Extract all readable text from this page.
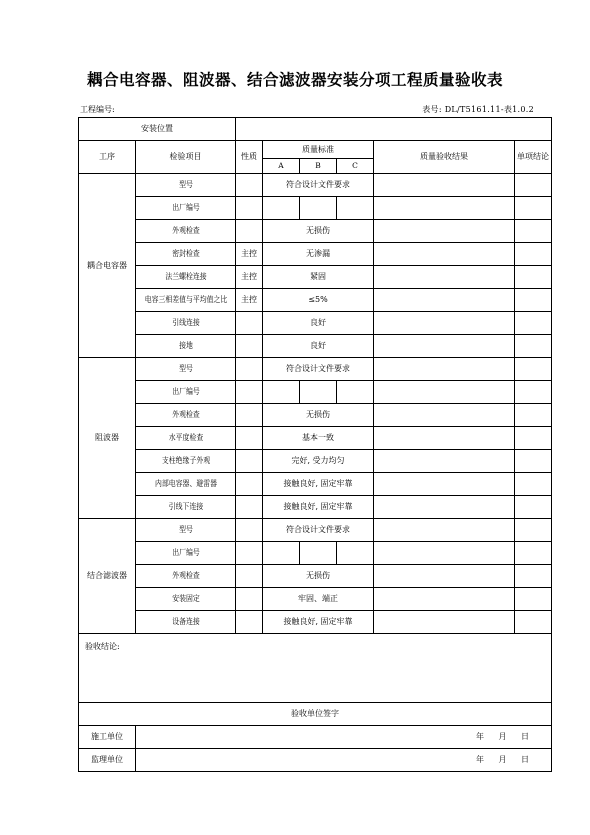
耦合电容器、阻波器、结合滤波器安装分项工程质量验收表
工程编号:	表号: DL/T5161.11-表1.0.2
安装位置							
工序	检验项目	性质	质量标准			质量验收结果	单项结论
			A	B	C		
耦合电容器	型号		符合设计文件要求				
	出厂编号						
	外观检查		无损伤				
	密封检查	主控	无渗漏				
	法兰螺栓连接	主控	紧固				
	电容三相差值与平均值之比	主控	≤5%				
	引线连接		良好				
	接地		良好				
阻波器	型号		符合设计文件要求				
	出厂编号						
	外观检查		无损伤				
	水平度检查		基本一致				
	支柱绝缘子外观		完好, 受力均匀				
	内部电容器、避雷器		接触良好, 固定牢靠				
	引线下连接		接触良好, 固定牢靠				
结合滤波器	型号		符合设计文件要求				
	出厂编号						
	外观检查		无损伤				
	安装固定		牢固、端正				
	设备连接		接触良好, 固定牢靠				
验收结论:							
验收单位签字							
施工单位	年 月 日						
监理单位	年 月 日						
